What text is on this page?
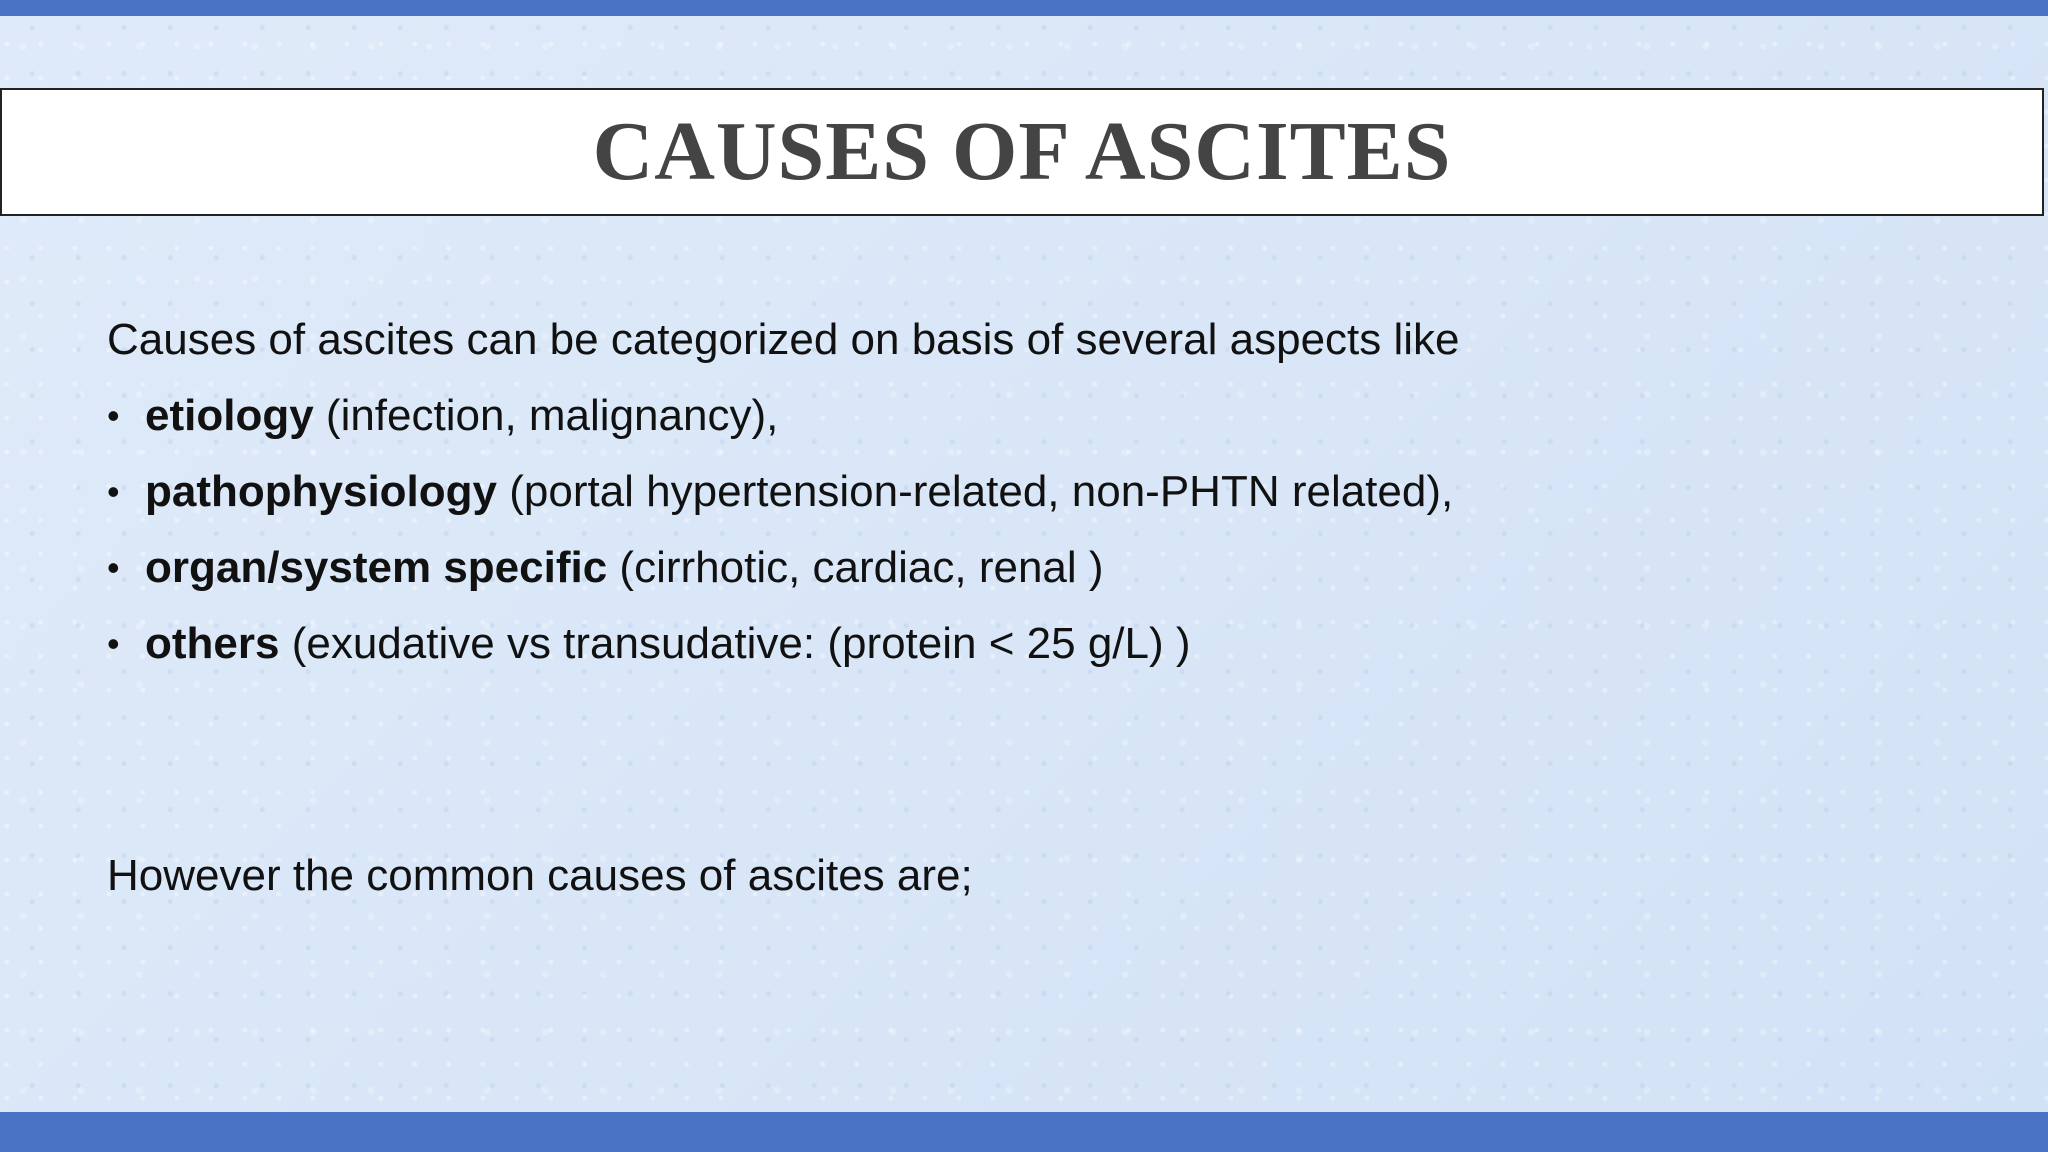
CAUSES OF ASCITES

Causes of ascites can be categorized on basis of several aspects like

• etiology (infection, malignancy),
• pathophysiology (portal hypertension-related, non-PHTN related),
• organ/system specific (cirrhotic, cardiac, renal )
• others (exudative vs transudative: (protein < 25 g/L) )

However the common causes of ascites are;
